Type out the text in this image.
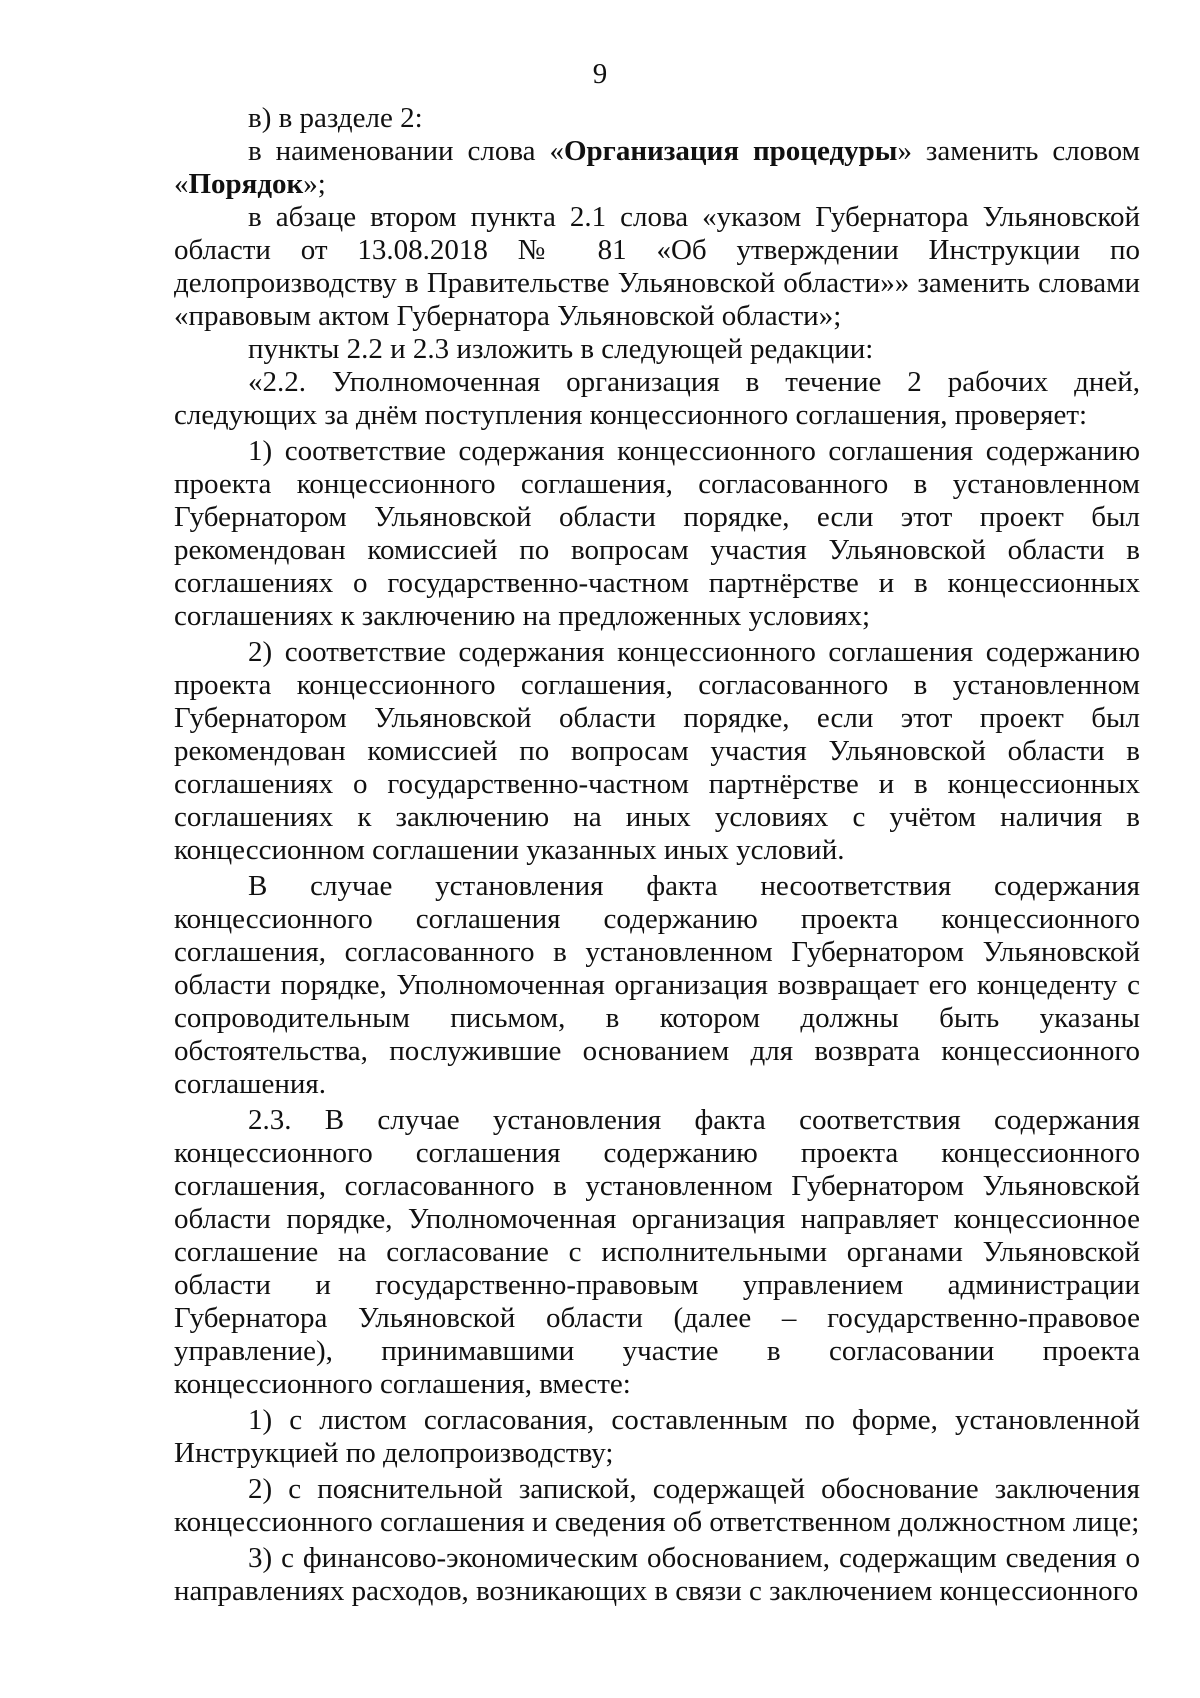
9

в) в разделе 2:

в наименовании слова «Организация процедуры» заменить словом «Порядок»;

в абзаце втором пункта 2.1 слова «указом Губернатора Ульяновской области от 13.08.2018 № 81 «Об утверждении Инструкции по делопроизводству в Правительстве Ульяновской области»» заменить словами «правовым актом Губернатора Ульяновской области»;

пункты 2.2 и 2.3 изложить в следующей редакции:

«2.2. Уполномоченная организация в течение 2 рабочих дней, следующих за днём поступления концессионного соглашения, проверяет:

1) соответствие содержания концессионного соглашения содержанию проекта концессионного соглашения, согласованного в установленном Губернатором Ульяновской области порядке, если этот проект был рекомендован комиссией по вопросам участия Ульяновской области в соглашениях о государственно-частном партнёрстве и в концессионных соглашениях к заключению на предложенных условиях;

2) соответствие содержания концессионного соглашения содержанию проекта концессионного соглашения, согласованного в установленном Губернатором Ульяновской области порядке, если этот проект был рекомендован комиссией по вопросам участия Ульяновской области в соглашениях о государственно-частном партнёрстве и в концессионных соглашениях к заключению на иных условиях с учётом наличия в концессионном соглашении указанных иных условий.

В случае установления факта несоответствия содержания концессионного соглашения содержанию проекта концессионного соглашения, согласованного в установленном Губернатором Ульяновской области порядке, Уполномоченная организация возвращает его концеденту с сопроводительным письмом, в котором должны быть указаны обстоятельства, послужившие основанием для возврата концессионного соглашения.

2.3. В случае установления факта соответствия содержания концессионного соглашения содержанию проекта концессионного соглашения, согласованного в установленном Губернатором Ульяновской области порядке, Уполномоченная организация направляет концессионное соглашение на согласование с исполнительными органами Ульяновской области и государственно-правовым управлением администрации Губернатора Ульяновской области (далее – государственно-правовое управление), принимавшими участие в согласовании проекта концессионного соглашения, вместе:

1) с листом согласования, составленным по форме, установленной Инструкцией по делопроизводству;

2) с пояснительной запиской, содержащей обоснование заключения концессионного соглашения и сведения об ответственном должностном лице;

3) с финансово-экономическим обоснованием, содержащим сведения о направлениях расходов, возникающих в связи с заключением концессионного
